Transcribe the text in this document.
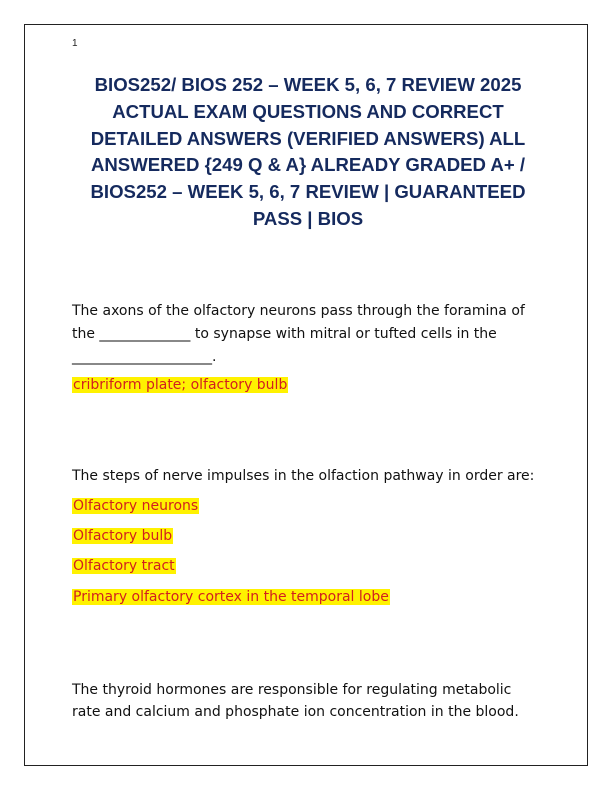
1
BIOS252/ BIOS 252 – WEEK 5, 6, 7 REVIEW 2025
ACTUAL EXAM QUESTIONS AND CORRECT
DETAILED ANSWERS (VERIFIED ANSWERS) ALL
ANSWERED {249 Q & A} ALREADY GRADED A+ /
BIOS252 – WEEK 5, 6, 7 REVIEW | GUARANTEED
PASS | BIOS

The axons of the olfactory neurons pass through the foramina of

the _____________ to synapse with mitral or tufted cells in the

____________________.

cribriform plate; olfactory bulb

The steps of nerve impulses in the olfaction pathway in order are:

Olfactory neurons
Olfactory bulb
Olfactory tract
Primary olfactory cortex in the temporal lobe

The thyroid hormones are responsible for regulating metabolic

rate and calcium and phosphate ion concentration in the blood.
